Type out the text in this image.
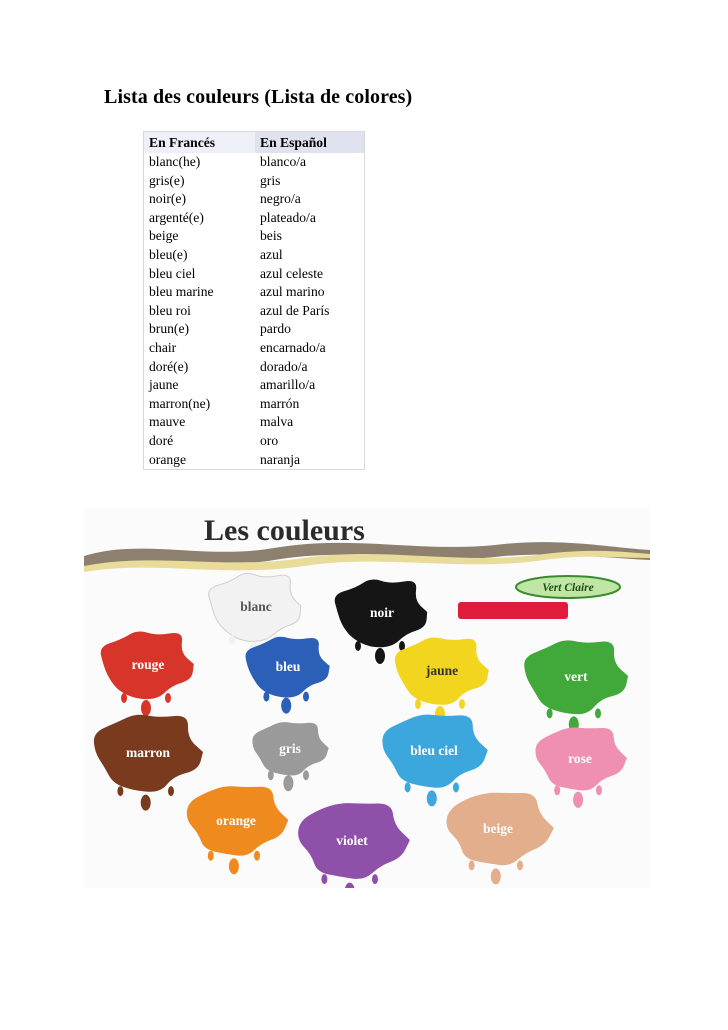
Lista des couleurs (Lista de colores)
En Francés	En Español
blanc(he)	blanco/a
gris(e)	gris
noir(e)	negro/a
argenté(e)	plateado/a
beige	beis
bleu(e)	azul
bleu ciel	azul celeste
bleu marine	azul marino
bleu roi	azul de París
brun(e)	pardo
chair	encarnado/a
doré(e)	dorado/a
jaune	amarillo/a
marron(ne)	marrón
mauve	malva
doré	oro
orange	naranja
Les couleurs
Vert Claire
blanc	noir
rouge	bleu	jaune	vert
marron	gris	bleu ciel
rose
orange
violet
beige
